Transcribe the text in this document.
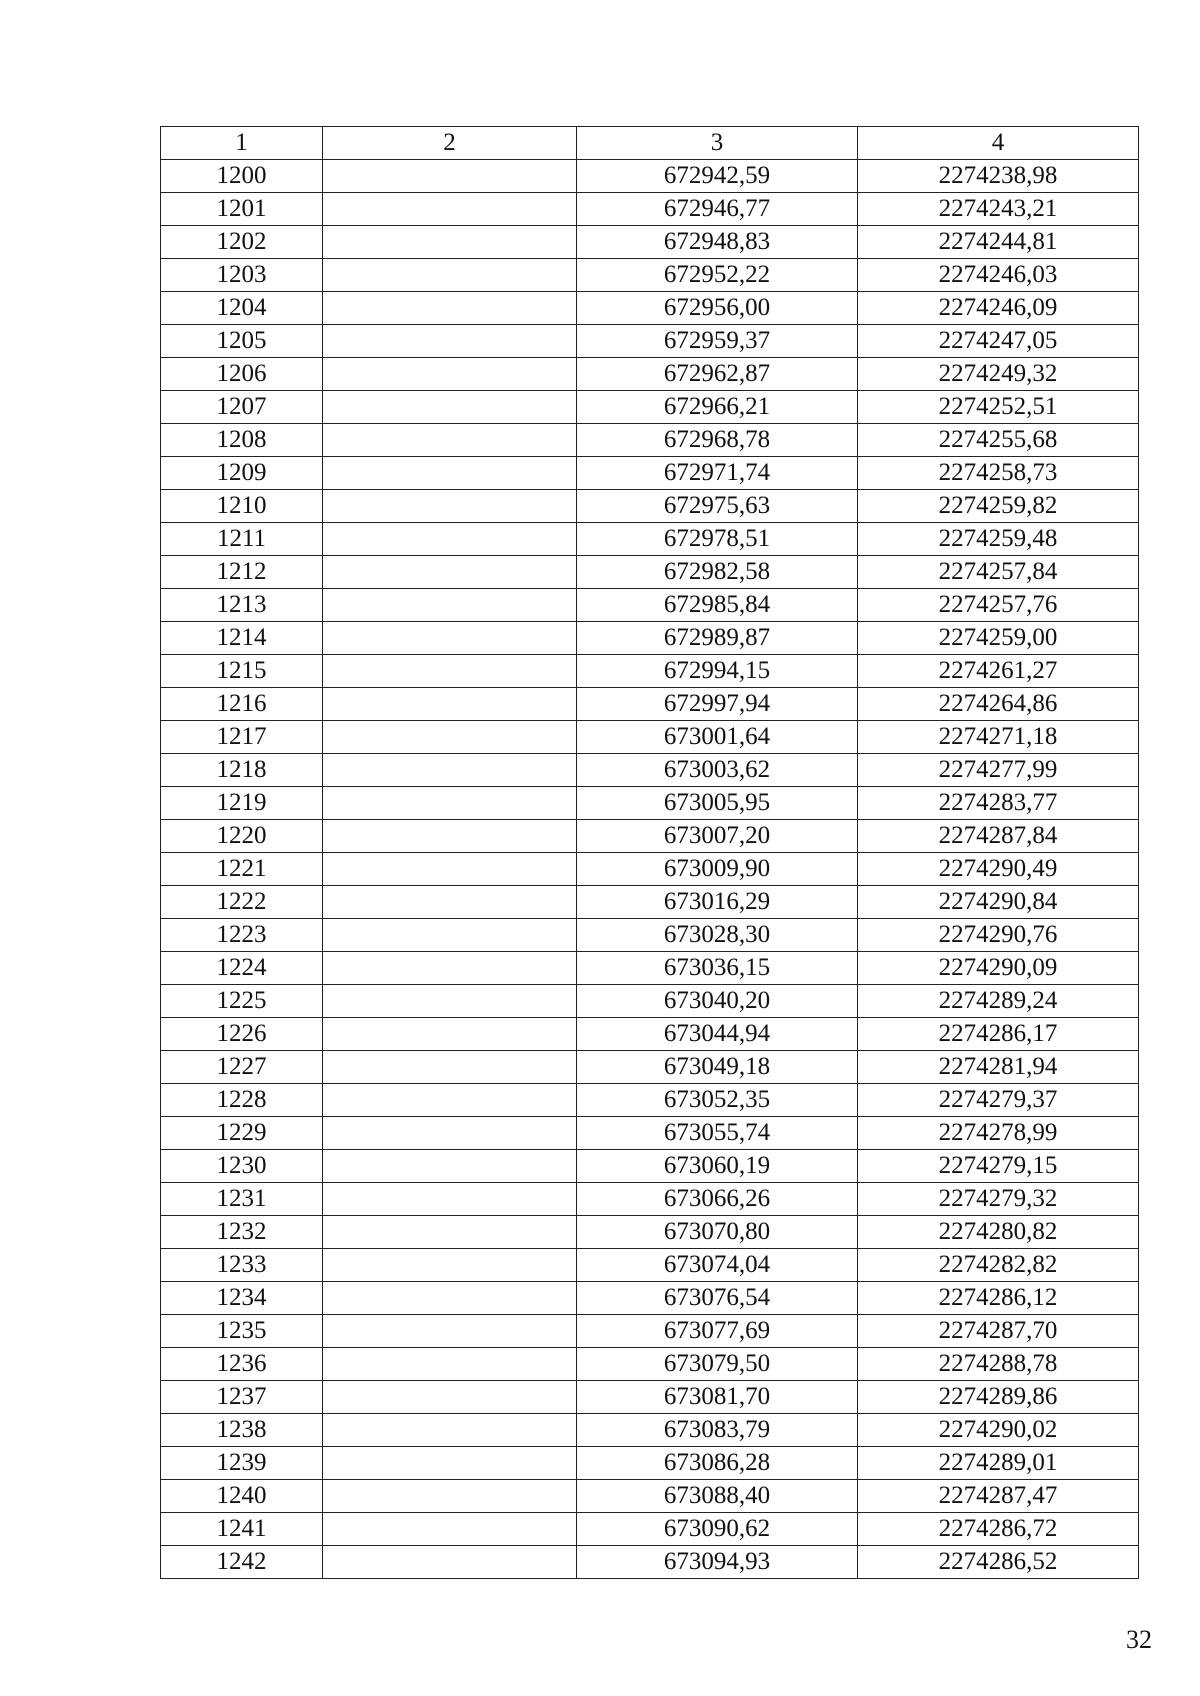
1	2	3	4
1200		672942,59	2274238,98
1201		672946,77	2274243,21
1202		672948,83	2274244,81
1203		672952,22	2274246,03
1204		672956,00	2274246,09
1205		672959,37	2274247,05
1206		672962,87	2274249,32
1207		672966,21	2274252,51
1208		672968,78	2274255,68
1209		672971,74	2274258,73
1210		672975,63	2274259,82
1211		672978,51	2274259,48
1212		672982,58	2274257,84
1213		672985,84	2274257,76
1214		672989,87	2274259,00
1215		672994,15	2274261,27
1216		672997,94	2274264,86
1217		673001,64	2274271,18
1218		673003,62	2274277,99
1219		673005,95	2274283,77
1220		673007,20	2274287,84
1221		673009,90	2274290,49
1222		673016,29	2274290,84
1223		673028,30	2274290,76
1224		673036,15	2274290,09
1225		673040,20	2274289,24
1226		673044,94	2274286,17
1227		673049,18	2274281,94
1228		673052,35	2274279,37
1229		673055,74	2274278,99
1230		673060,19	2274279,15
1231		673066,26	2274279,32
1232		673070,80	2274280,82
1233		673074,04	2274282,82
1234		673076,54	2274286,12
1235		673077,69	2274287,70
1236		673079,50	2274288,78
1237		673081,70	2274289,86
1238		673083,79	2274290,02
1239		673086,28	2274289,01
1240		673088,40	2274287,47
1241		673090,62	2274286,72
1242		673094,93	2274286,52
32
